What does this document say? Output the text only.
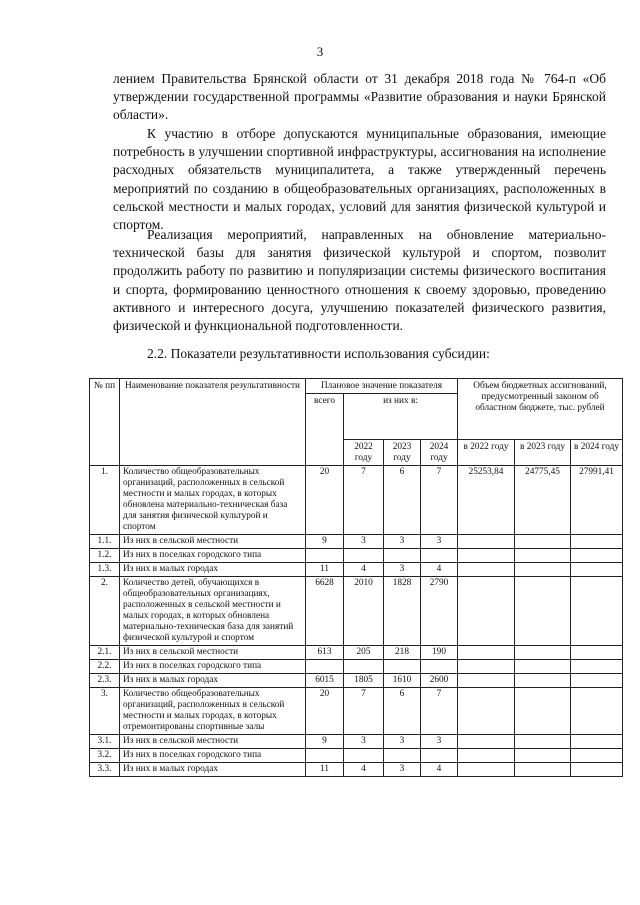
3
лением Правительства Брянской области от 31 декабря 2018 года № 764-п «Об утверждении государственной программы «Развитие образования и науки Брянской области».
К участию в отборе допускаются муниципальные образования, имеющие потребность в улучшении спортивной инфраструктуры, ассигнования на исполнение расходных обязательств муниципалитета, а также утвержденный перечень мероприятий по созданию в общеобразовательных организациях, расположенных в сельской местности и малых городах, условий для занятия физической культурой и спортом.
Реализация мероприятий, направленных на обновление материально-технической базы для занятия физической культурой и спортом, позволит продолжить работу по развитию и популяризации системы физического воспитания и спорта, формированию ценностного отношения к своему здоровью, проведению активного и интересного досуга, улучшению показателей физического развития, физической и функциональной подготовленности.
2.2. Показатели результативности использования субсидии:
№ пп	Наименование показателя результативности	Плановое значение показателя				Объем бюджетных ассигнований, предусмотренный законом об областном бюджете, тыс. рублей		
		всего	из них в:					
			2022 году	2023 году	2024 году	в 2022 году	в 2023 году	в 2024 году
1.	Количество общеобразовательных организаций, расположенных в сельской местности и малых городах, в которых обновлена материально-техническая база для занятия физической культурой и спортом	20	7	6	7	25253,84	24775,45	27991,41
1.1.	Из них в сельской местности	9	3	3	3			
1.2.	Из них в поселках городского типа							
1.3.	Из них в малых городах	11	4	3	4			
2.	Количество детей, обучающихся в общеобразовательных организациях, расположенных в сельской местности и малых городах, в которых обновлена материально-техническая база для занятий физической культурой и спортом	6628	2010	1828	2790			
2.1.	Из них в сельской местности	613	205	218	190			
2.2.	Из них в поселках городского типа							
2.3.	Из них в малых городах	6015	1805	1610	2600			
3.	Количество общеобразовательных организаций, расположенных в сельской местности и малых городах, в которых отремонтированы спортивные залы	20	7	6	7			
3.1.	Из них в сельской местности	9	3	3	3			
3.2.	Из них в поселках городского типа							
3.3.	Из них в малых городах	11	4	3	4			
